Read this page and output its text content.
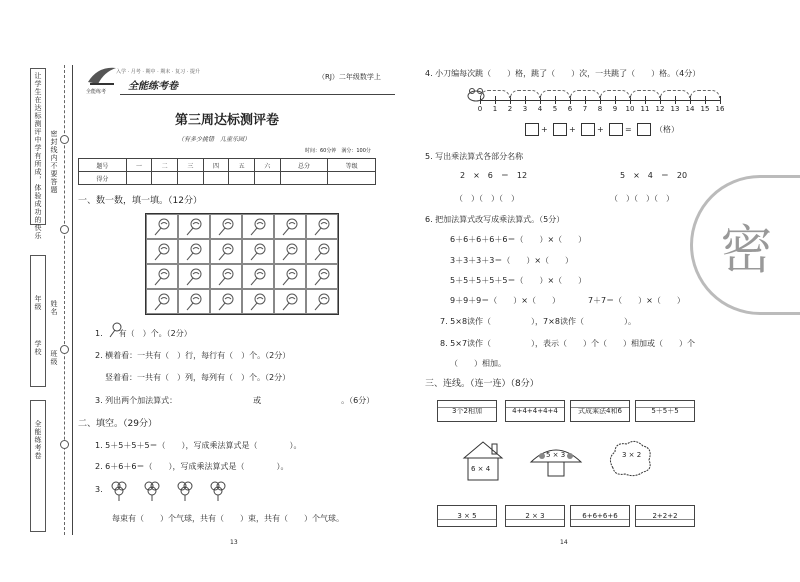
让学生在达标测评中学有所成，体验成功的快乐
年级
学校
姓名
班级
全能练考卷
密封线内不要答题
全能练考
入学 · 月考 · 期中 · 期末 · 复习 · 提升
全能练考卷
（RJ）二年级数学上
第三周达标测评卷
（有多少挑错　儿童乐园）
时间：60分钟　满分：100分
题号	一	二	三	四	五	六	总分	等级
得分								
一、数一数，填一填。（12分）
1.　　有（　）个。（2分）
2. 横着看：一共有（　）行，每行有（　）个。（2分）
竖着看：一共有（　）列，每列有（　）个。（2分）
3. 列出两个加法算式：　　　　　　　　　　或　　　　　　　　　　。（6分）
二、填空。（29分）
1. 5＋5＋5＋5＝（　　），写成乘法算式是（　　　　）。
2. 6＋6＋6＝（　　），写成乘法算式是（　　　　）。
3.
每束有（　　）个气球，共有（　　）束，共有（　　）个气球。
13
4. 小刀编每次跳（　　）格，跳了（　　）次，一共跳了（　　）格。（4分）
0 1 2 3 4 5 6 7 8 9 10 11 12 13 14 15 16
+	+	+	=	（格）
5. 写出乘法算式各部分名称
2　×　6　＝　12	5　×　4　＝　20
（　）（　）（　）	（　）（　）（　）
6. 把加法算式改写成乘法算式。（5分）
6＋6＋6＋6＋6＝（　　）×（　　）
3＋3＋3＋3＝（　　）×（　　）
5＋5＋5＋5＋5＝（　　）×（　　）
9＋9＋9＝（　　）×（　　）　　　　7＋7＝（　　）×（　　）
7. 5×8读作（　　　　　），7×8读作（　　　　　）。
8. 5×7读作（　　　　　），表示（　　）个（　　）相加或（　　）个
（　　）相加。
三、连线。（连一连）（8分）
3个2相加	4+4+4+4+4	式成乘法4和6	5＋5＋5
6 × 4
5 × 3	3 × 2
3 × 5	2 × 3	6+6+6+6	2+2+2
14
密
